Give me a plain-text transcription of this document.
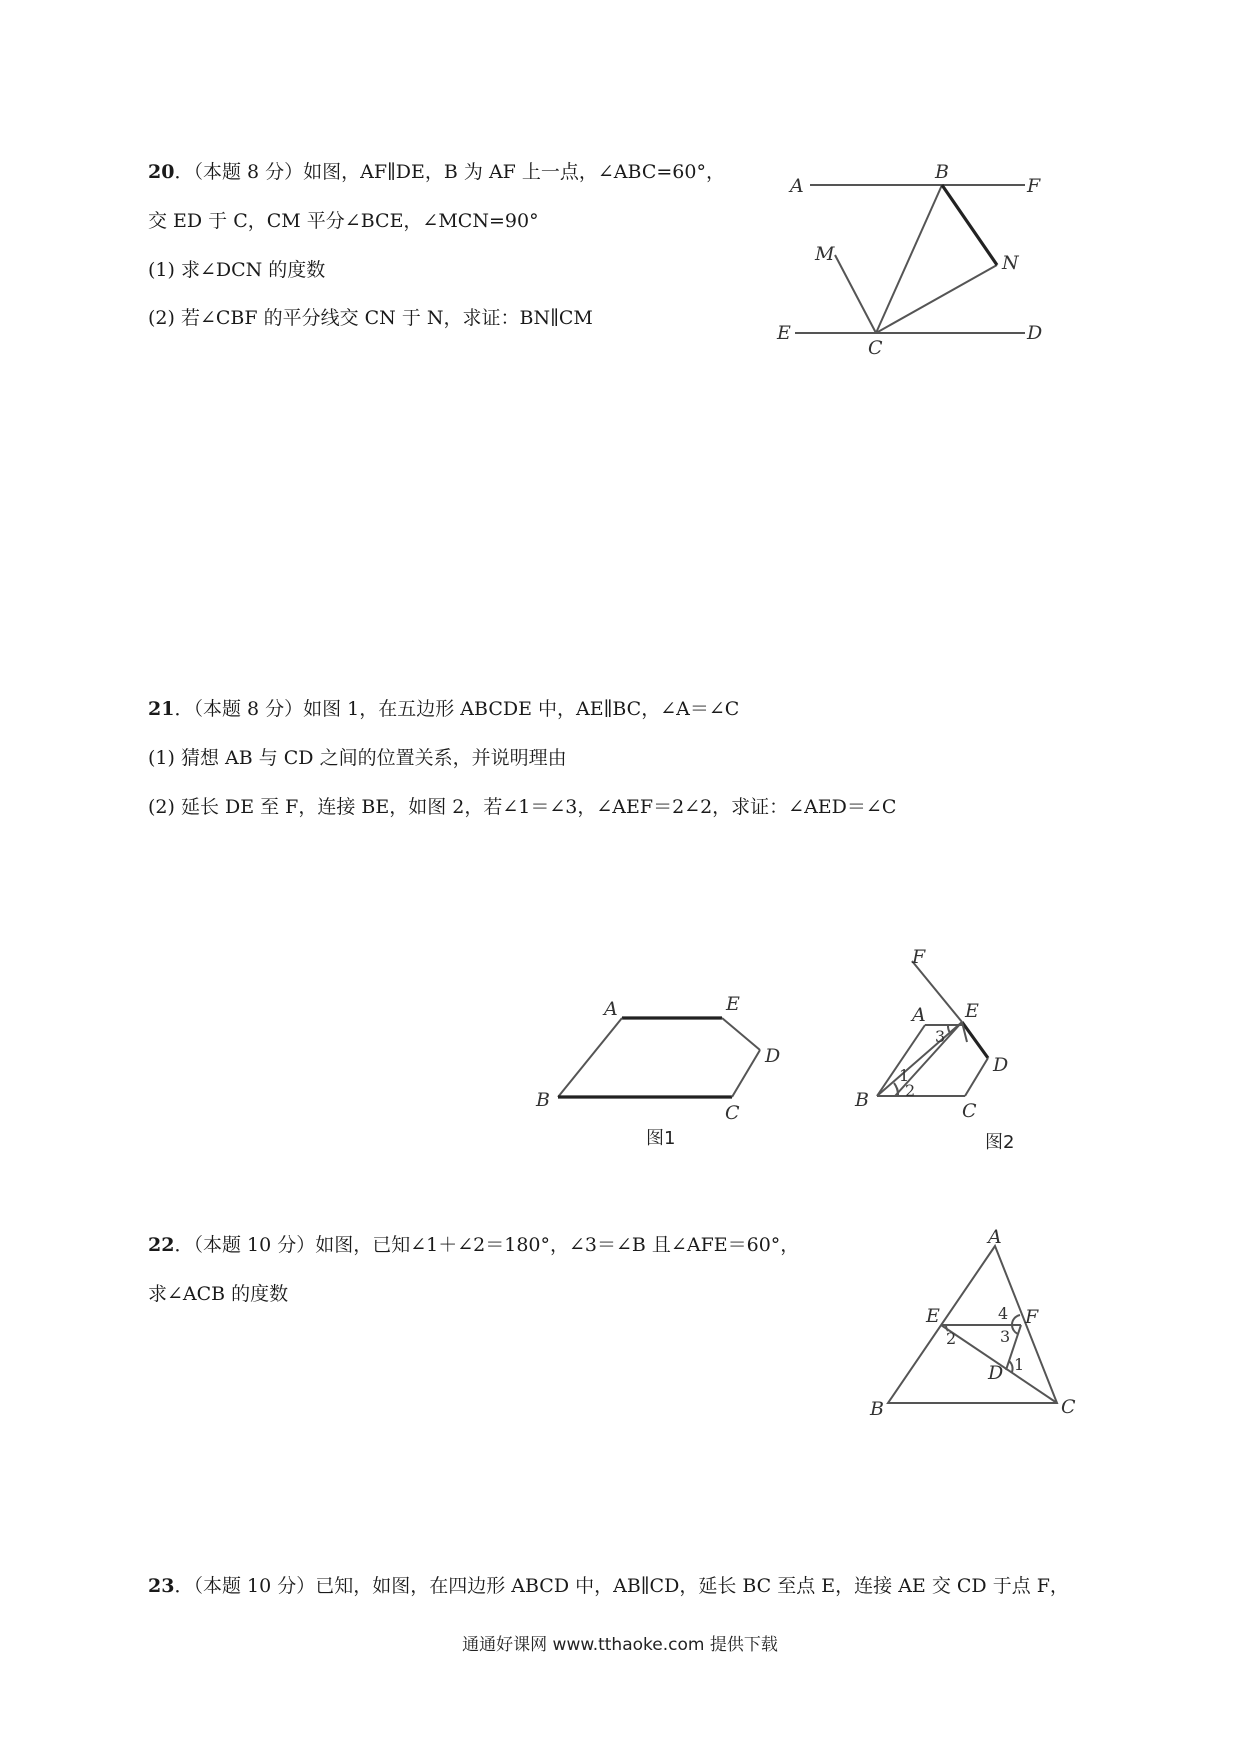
20．（本题 8 分）如图，AF∥DE，B 为 AF 上一点，∠ABC=60°，
交 ED 于 C，CM 平分∠BCE，∠MCN=90°
(1) 求∠DCN 的度数
(2) 若∠CBF 的平分线交 CN 于 N，求证：BN∥CM
A
B
F
M	N
E
C
D
21．（本题 8 分）如图 1，在五边形 ABCDE 中，AE∥BC，∠A＝∠C
(1) 猜想 AB 与 CD 之间的位置关系，并说明理由
(2) 延长 DE 至 F，连接 BE，如图 2，若∠1＝∠3，∠AEF＝2∠2，求证：∠AED＝∠C
A	E
D
B
C
图1
F
A E
D
B	C
3
1
2
图2
22．（本题 10 分）如图，已知∠1＋∠2＝180°，∠3＝∠B 且∠AFE＝60°，
求∠ACB 的度数
A
E	F
D
B	C
4
3
1
2
23．（本题 10 分）已知，如图，在四边形 ABCD 中，AB∥CD，延长 BC 至点 E，连接 AE 交 CD 于点 F，
通通好课网 www.tthaoke.com 提供下载
